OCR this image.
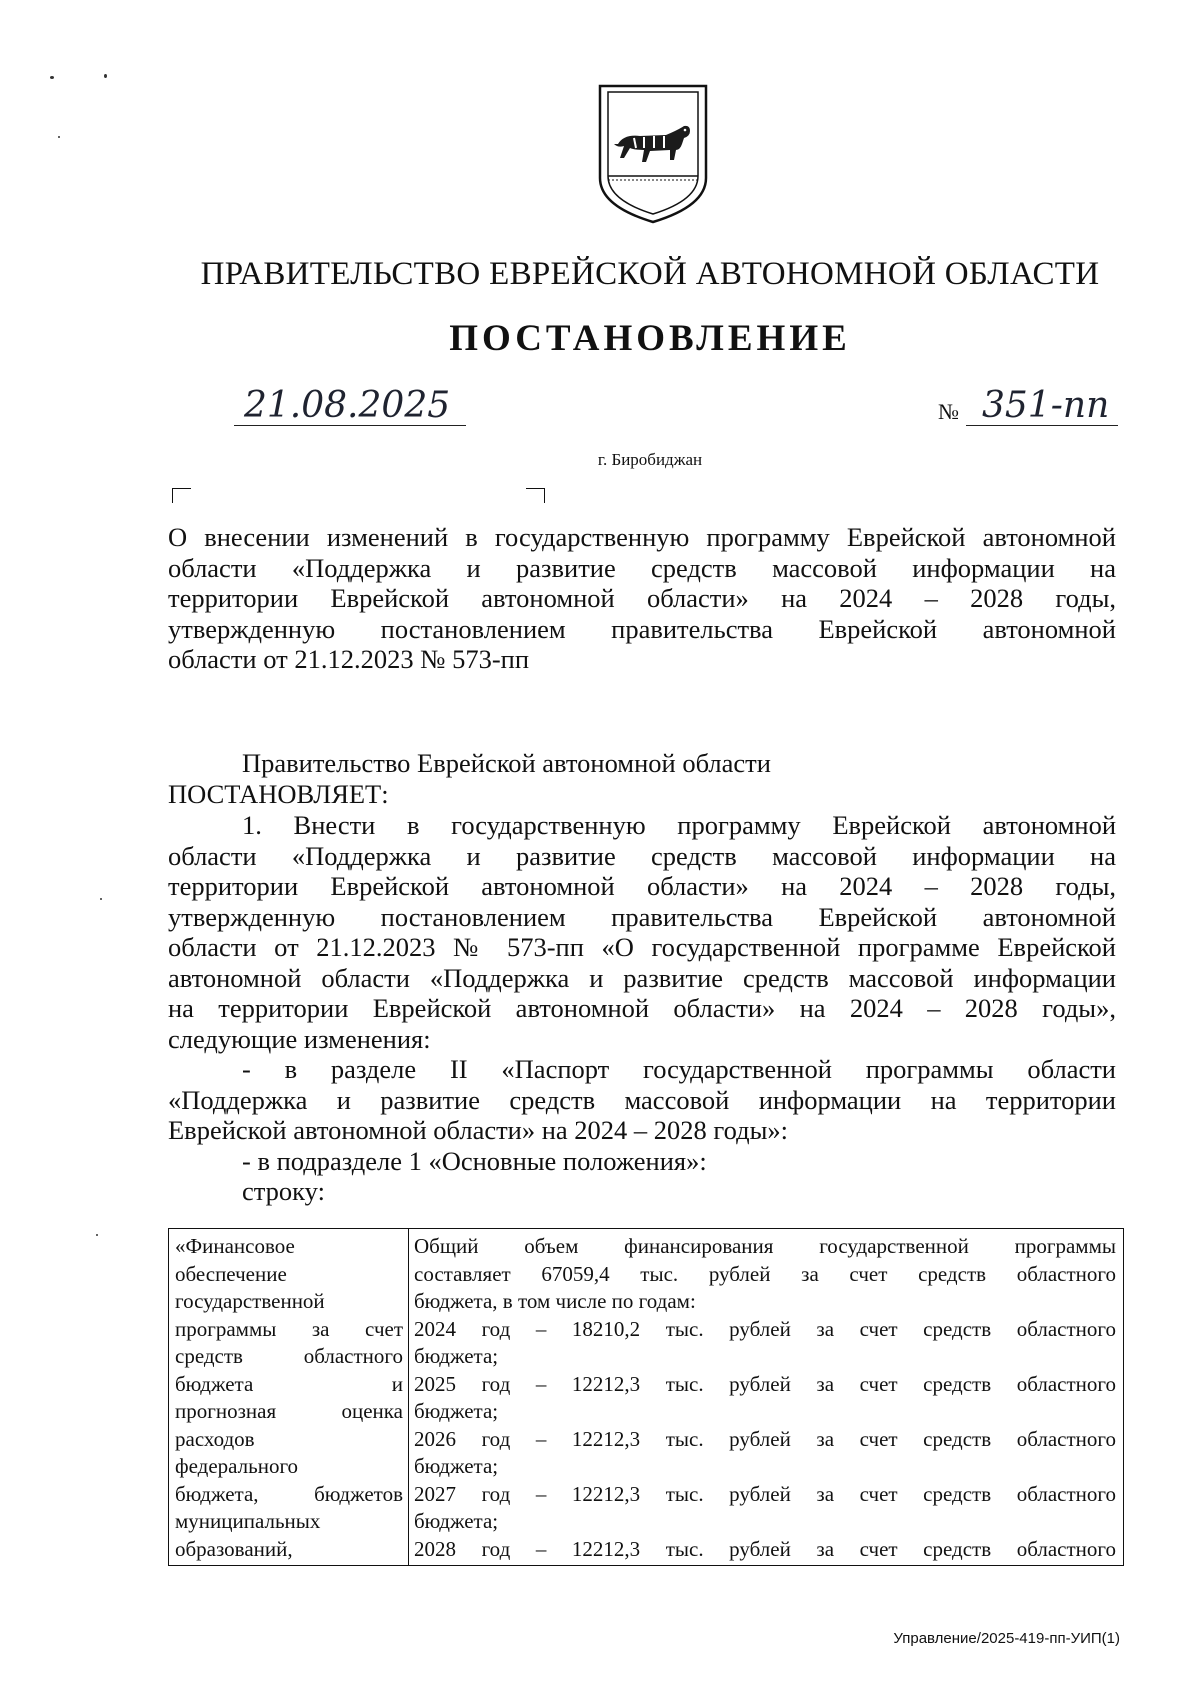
ПРАВИТЕЛЬСТВО ЕВРЕЙСКОЙ АВТОНОМНОЙ ОБЛАСТИ
ПОСТАНОВЛЕНИЕ
21.08.2025	№ 351-пп
г. Биробиджан

О внесении изменений в государственную программу Еврейской автономной
области «Поддержка и развитие средств массовой информации на
территории Еврейской автономной области» на 2024 – 2028 годы,
утвержденную постановлением правительства Еврейской автономной
области от 21.12.2023 № 573-пп

Правительство Еврейской автономной области
ПОСТАНОВЛЯЕТ:

1. Внести в государственную программу Еврейской автономной
области «Поддержка и развитие средств массовой информации на
территории Еврейской автономной области» на 2024 – 2028 годы,
утвержденную постановлением правительства Еврейской автономной
области от 21.12.2023 № 573-пп «О государственной программе Еврейской
автономной области «Поддержка и развитие средств массовой информации
на территории Еврейской автономной области» на 2024 – 2028 годы»,
следующие изменения:

- в разделе II «Паспорт государственной программы области
«Поддержка и развитие средств массовой информации на территории
Еврейской автономной области» на 2024 – 2028 годы»:

- в подразделе 1 «Основные положения»:

строку:

«Финансовое
обеспечение
государственной
программы за счет
средств областного
бюджета и
прогнозная оценка
расходов
федерального
бюджета, бюджетов
муниципальных
образований,
Общий объем финансирования государственной программы
составляет 67059,4 тыс. рублей за счет средств областного
бюджета, в том числе по годам:
2024 год – 18210,2 тыс. рублей за счет средств областного
бюджета;
2025 год – 12212,3 тыс. рублей за счет средств областного
бюджета;
2026 год – 12212,3 тыс. рублей за счет средств областного
бюджета;
2027 год – 12212,3 тыс. рублей за счет средств областного
бюджета;
2028 год – 12212,3 тыс. рублей за счет средств областного
Управление/2025-419-пп-УИП(1)
